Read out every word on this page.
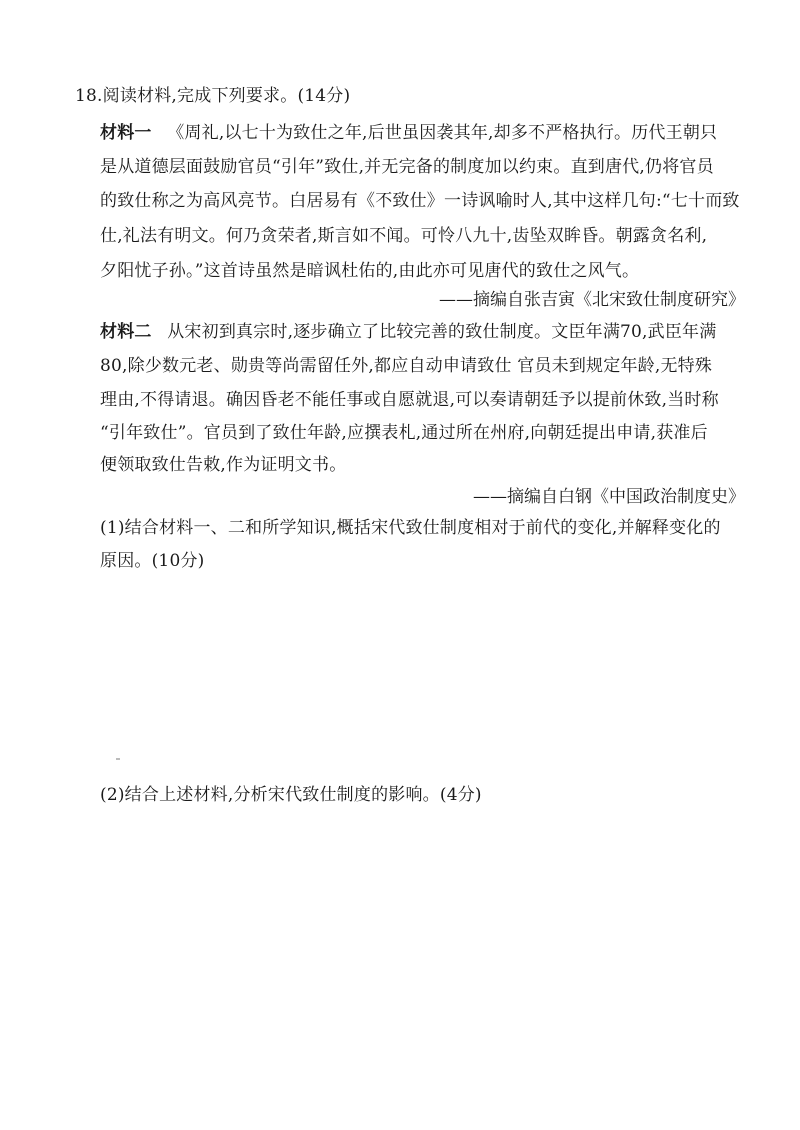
18.阅读材料,完成下列要求。(14分)
材料一 《周礼,以七十为致仕之年,后世虽因袭其年,却多不严格执行。历代王朝只
是从道德层面鼓励官员“引年”致仕,并无完备的制度加以约束。直到唐代,仍将官员
的致仕称之为高风亮节。白居易有《不致仕》一诗讽喻时人,其中这样几句:“七十而致
仕,礼法有明文。何乃贪荣者,斯言如不闻。可怜八九十,齿坠双眸昏。朝露贪名利,
夕阳忧子孙。”这首诗虽然是暗讽杜佑的,由此亦可见唐代的致仕之风气。
——摘编自张吉寅《北宋致仕制度研究》
材料二 从宋初到真宗时,逐步确立了比较完善的致仕制度。文臣年满70,武臣年满
80,除少数元老、勋贵等尚需留任外,都应自动申请致仕 官员未到规定年龄,无特殊
理由,不得请退。确因昏老不能任事或自愿就退,可以奏请朝廷予以提前休致,当时称
“引年致仕”。官员到了致仕年龄,应撰表札,通过所在州府,向朝廷提出申请,获准后
便领取致仕告敕,作为证明文书。
——摘编自白钢《中国政治制度史》
(1)结合材料一、二和所学知识,概括宋代致仕制度相对于前代的变化,并解释变化的
原因。(10分)
(2)结合上述材料,分析宋代致仕制度的影响。(4分)
